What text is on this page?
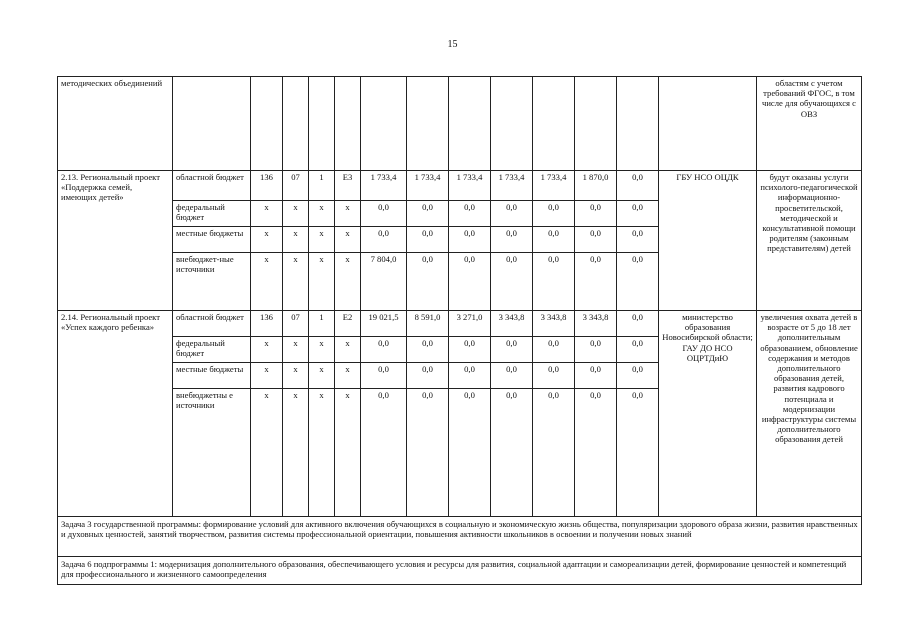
15
методических объединений														областям с учетом требований ФГОС, в том числе для обучающихся с ОВЗ
2.13. Региональный проект «Поддержка семей, имеющих детей»	областной бюджет	136	07	1	Е3	1 733,4	1 733,4	1 733,4	1 733,4	1 733,4	1 870,0	0,0	ГБУ НСО ОЦДК	будут оказаны услуги психолого-педагогической информационно-просветительской, методической и консультативной помощи родителям (законным представителям) детей
	федеральный бюджет	х	х	х	х	0,0	0,0	0,0	0,0	0,0	0,0	0,0		
	местные бюджеты	х	х	х	х	0,0	0,0	0,0	0,0	0,0	0,0	0,0		
	внебюджет-ные источники	х	х	х	х	7 804,0	0,0	0,0	0,0	0,0	0,0	0,0		
2.14. Региональный проект «Успех каждого ребенка»	областной бюджет	136	07	1	Е2	19 021,5	8 591,0	3 271,0	3 343,8	3 343,8	3 343,8	0,0	министерство образования Новосибирской области; ГАУ ДО НСО ОЦРТДиЮ	увеличения охвата детей в возрасте от 5 до 18 лет дополнительным образованием, обновление содержания и методов дополнительного образования детей, развития кадрового потенциала и модернизации инфраструктуры системы дополнительного образования детей
	федеральный бюджет	х	х	х	х	0,0	0,0	0,0	0,0	0,0	0,0	0,0		
	местные бюджеты	х	х	х	х	0,0	0,0	0,0	0,0	0,0	0,0	0,0		
	внебюджетны е источники	х	х	х	х	0,0	0,0	0,0	0,0	0,0	0,0	0,0		
Задача 3 государственной программы: формирование условий для активного включения обучающихся в социальную и экономическую жизнь общества, популяризации здорового образа жизни, развития нравственных и духовных ценностей, занятий творчеством, развития системы профессиональной ориентации, повышения активности школьников в освоении и получении новых знаний														
Задача 6 подпрограммы 1: модернизация дополнительного образования, обеспечивающего условия и ресурсы для развития, социальной адаптации и самореализации детей, формирование ценностей и компетенций для профессионального и жизненного самоопределения														
